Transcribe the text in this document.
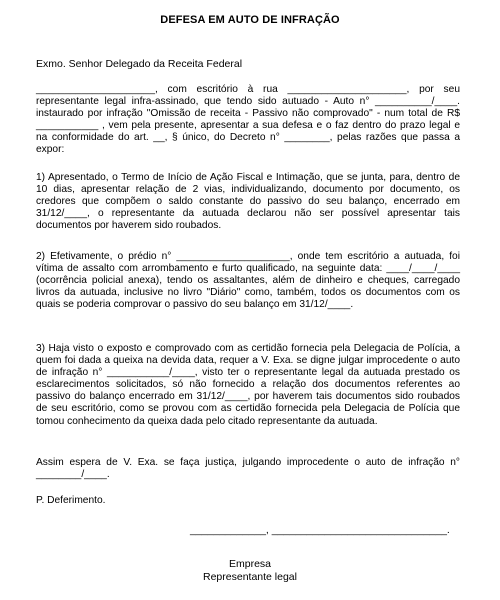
DEFESA EM AUTO DE INFRAÇÃO
Exmo. Senhor Delegado da Receita Federal
_____________________, com escritório à rua _____________________, por seu representante legal infra-assinado, que tendo sido autuado - Auto n° __________/____. instaurado por infração "Omissão de receita - Passivo não comprovado" - num total de R$ ___________ , vem pela presente, apresentar a sua defesa e o faz dentro do prazo legal e na conformidade do art. __, § único, do Decreto n° ________, pelas razões que passa a expor:
1) Apresentado, o Termo de Início de Ação Fiscal e Intimação, que se junta, para, dentro de 10 dias, apresentar relação de 2 vias, individualizando, documento por documento, os credores que compõem o saldo constante do passivo do seu balanço, encerrado em 31/12/____, o representante da autuada declarou não ser possível apresentar tais documentos por haverem sido roubados.
2) Efetivamente, o prédio n° ____________________, onde tem escritório a autuada, foi vítima de assalto com arrombamento e furto qualificado, na seguinte data: ____/____/____ (ocorrência policial anexa), tendo os assaltantes, além de dinheiro e cheques, carregado livros da autuada, inclusive no livro "Diário" como, também, todos os documentos com os quais se poderia comprovar o passivo do seu balanço em 31/12/____.
3) Haja visto o exposto e comprovado com as certidão fornecia pela Delegacia de Polícia, a quem foi dada a queixa na devida data, requer a V. Exa. se digne julgar improcedente o auto de infração n° ___________/____, visto ter o representante legal da autuada prestado os esclarecimentos solicitados, só não fornecido a relação dos documentos referentes ao passivo do balanço encerrado em 31/12/____, por haverem tais documentos sido roubados de seu escritório, como se provou com as certidão fornecida pela Delegacia de Polícia que tomou conhecimento da queixa dada pelo citado representante da autuada.
Assim espera de V. Exa. se faça justiça, julgando improcedente o auto de infração n° ________/____.
P. Deferimento.
_____________, ______________________________.
Empresa
Representante legal
